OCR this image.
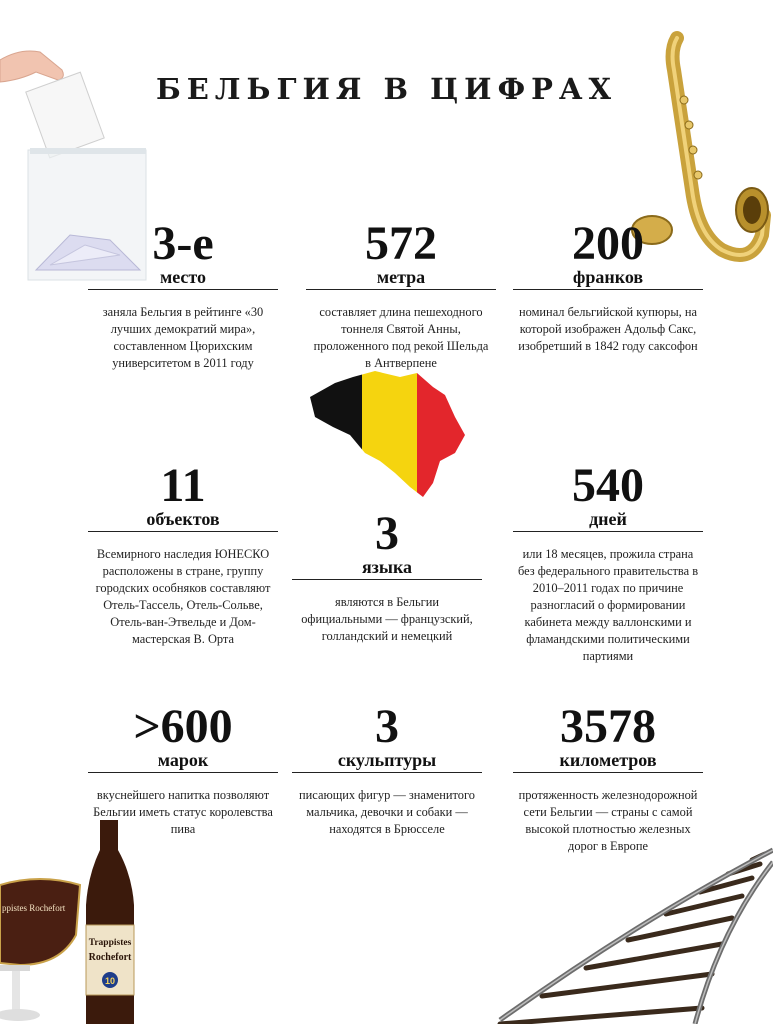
БЕЛЬГИЯ В ЦИФРАХ
ppistes Rochefort
Trappistes
Rochefort
10
3-е
место
заняла Бельгия в рейтинге «30 лучших демократий мира», составленном Цюрихским университетом в 2011 году
572
метра
составляет длина пешеходного тоннеля Святой Анны, проложенного под рекой Шельда в Антверпене
200
франков
номинал бельгийской купюры, на которой изображен Адольф Сакс, изобретший в 1842 году саксофон
11
объектов
Всемирного наследия ЮНЕСКО расположены в стране, группу городских особняков составляют Отель-Тассель, Отель-Сольве, Отель-ван-Этвельде и Дом-мастерская В. Орта
3
языка
являются в Бельгии официальными — французский, голландский и немецкий
540
дней
или 18 месяцев, прожила страна без федерального правительства в 2010–2011 годах по причине разногласий о формировании кабинета между валлонскими и фламандскими политическими партиями
>600
марок
вкуснейшего напитка позволяют Бельгии иметь статус королевства пива
3
скульптуры
писающих фигур — знаменитого мальчика, девочки и собаки — находятся в Брюсселе
3578
километров
протяженность железнодорожной сети Бельгии — страны с самой высокой плотностью железных дорог в Европе
